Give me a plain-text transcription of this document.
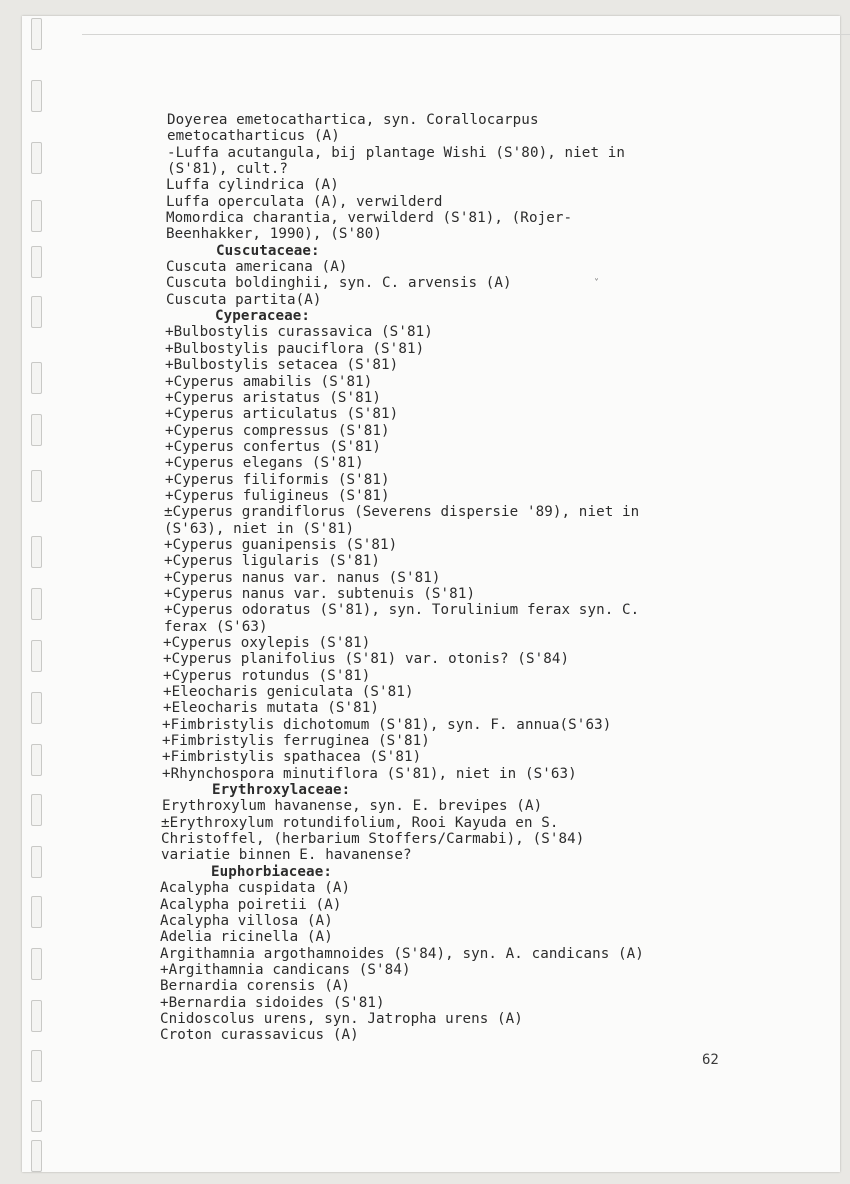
˅
Doyerea emetocathartica, syn. Corallocarpus
emetocatharticus (A)
-Luffa acutangula, bij plantage Wishi (S'80), niet in
(S'81), cult.?
Luffa cylindrica (A)
Luffa operculata (A), verwilderd
Momordica charantia, verwilderd (S'81), (Rojer-
Beenhakker, 1990), (S'80)
Cuscutaceae:
Cuscuta americana (A)
Cuscuta boldinghii, syn. C. arvensis (A)
Cuscuta partita(A)
Cyperaceae:
+Bulbostylis curassavica (S'81)
+Bulbostylis pauciflora (S'81)
+Bulbostylis setacea (S'81)
+Cyperus amabilis (S'81)
+Cyperus aristatus (S'81)
+Cyperus articulatus (S'81)
+Cyperus compressus (S'81)
+Cyperus confertus (S'81)
+Cyperus elegans (S'81)
+Cyperus filiformis (S'81)
+Cyperus fuligineus (S'81)
±Cyperus grandiflorus (Severens dispersie '89), niet in
(S'63), niet in (S'81)
+Cyperus guanipensis (S'81)
+Cyperus ligularis (S'81)
+Cyperus nanus var. nanus (S'81)
+Cyperus nanus var. subtenuis (S'81)
+Cyperus odoratus (S'81), syn. Torulinium ferax syn. C.
ferax (S'63)
+Cyperus oxylepis (S'81)
+Cyperus planifolius (S'81) var. otonis? (S'84)
+Cyperus rotundus (S'81)
+Eleocharis geniculata (S'81)
+Eleocharis mutata (S'81)
+Fimbristylis dichotomum (S'81), syn. F. annua(S'63)
+Fimbristylis ferruginea (S'81)
+Fimbristylis spathacea (S'81)
+Rhynchospora minutiflora (S'81), niet in (S'63)
Erythroxylaceae:
Erythroxylum havanense, syn. E. brevipes (A)
±Erythroxylum rotundifolium, Rooi Kayuda en S.
Christoffel, (herbarium Stoffers/Carmabi), (S'84)
variatie binnen E. havanense?
Euphorbiaceae:
Acalypha cuspidata (A)
Acalypha poiretii (A)
Acalypha villosa (A)
Adelia ricinella (A)
Argithamnia argothamnoides (S'84), syn. A. candicans (A)
+Argithamnia candicans (S'84)
Bernardia corensis (A)
+Bernardia sidoides (S'81)
Cnidoscolus urens, syn. Jatropha urens (A)
Croton curassavicus (A)
62
